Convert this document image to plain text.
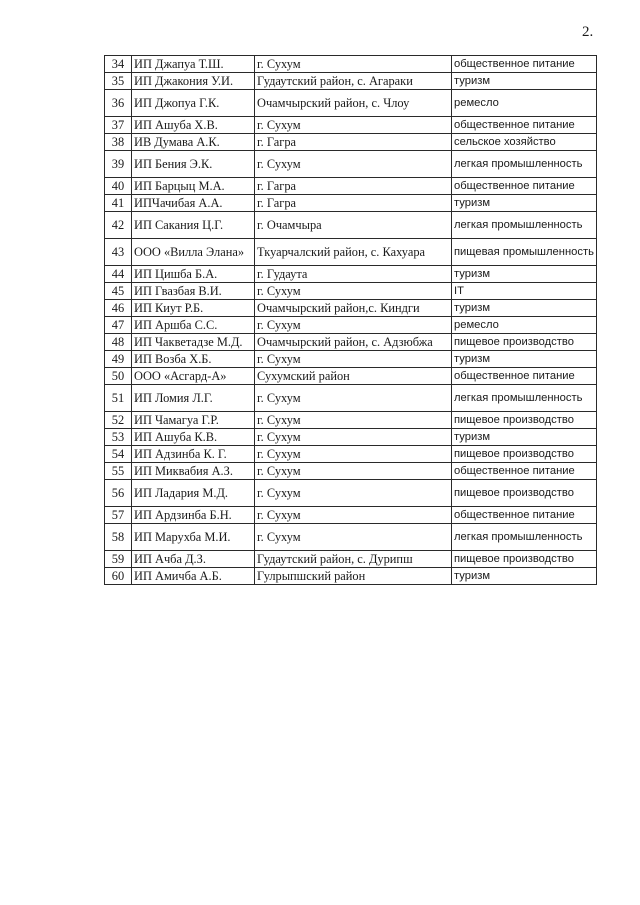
2.
34	ИП Джапуа Т.Ш.	г. Сухум	общественное питание
35	ИП Джакония У.И.	Гудаутский район, с. Агараки	туризм
36	ИП Джопуа Г.К.	Очамчырский район, с. Члоу	ремесло
37	ИП Ашуба Х.В.	г. Сухум	общественное питание
38	ИВ Думава А.К.	г. Гагра	сельское хозяйство
39	ИП Бения Э.К.	г. Сухум	легкая промышленность
40	ИП Барцыц М.А.	г. Гагра	общественное питание
41	ИПЧачибая А.А.	г. Гагра	туризм
42	ИП Сакания Ц.Г.	г. Очамчыра	легкая промышленность
43	ООО «Вилла Элана»	Ткуарчалский район, с. Кахуара	пищевая промышленность
44	ИП Цишба Б.А.	г. Гудаута	туризм
45	ИП Гвазбая В.И.	г. Сухум	IT
46	ИП Киут Р.Б.	Очамчырский район,с. Киндги	туризм
47	ИП Аршба С.С.	г. Сухум	ремесло
48	ИП Чакветадзе М.Д.	Очамчырский район, с. Адзюбжа	пищевое производство
49	ИП Возба Х.Б.	г. Сухум	туризм
50	ООО «Асгард-А»	Сухумский район	общественное питание
51	ИП Ломия Л.Г.	г. Сухум	легкая промышленность
52	ИП Чамагуа Г.Р.	г. Сухум	пищевое производство
53	ИП Ашуба К.В.	г. Сухум	туризм
54	ИП Адзинба К. Г.	г. Сухум	пищевое производство
55	ИП Миквабия А.З.	г. Сухум	общественное питание
56	ИП Ладария М.Д.	г. Сухум	пищевое производство
57	ИП Ардзинба Б.Н.	г. Сухум	общественное питание
58	ИП Марухба М.И.	г. Сухум	легкая промышленность
59	ИП Ачба Д.З.	Гудаутский район, с. Дурипш	пищевое производство
60	ИП Амичба А.Б.	Гулрыпшский район	туризм
